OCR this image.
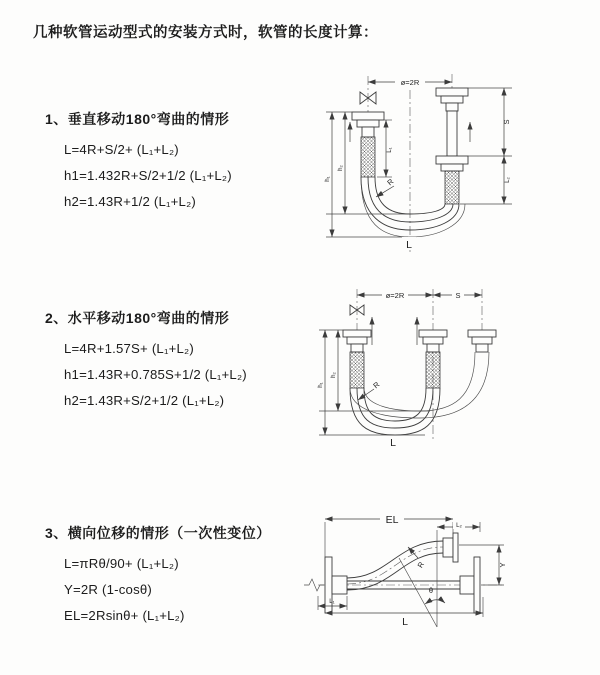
几种软管运动型式的安装方式时，软管的长度计算：
1、垂直移动180°弯曲的情形
L=4R+S/2+ (L₁+L₂)
h1=1.432R+S/2+1/2 (L₁+L₂)
h2=1.43R+1/2 (L₁+L₂)
2、水平移动180°弯曲的情形
L=4R+1.57S+ (L₁+L₂)
h1=1.43R+0.785S+1/2 (L₁+L₂)
h2=1.43R+S/2+1/2 (L₁+L₂)
3、横向位移的情形（一次性变位）
L=πRθ/90+ (L₁+L₂)
Y=2R (1-cosθ)
EL=2Rsinθ+ (L₁+L₂)
ø=2R
S
L₂
L₁
h₂
h₁	R
L
ø=2R	S
h₂
h₁	R
L
θ
R
EL	L₂
Y
L₁
L
